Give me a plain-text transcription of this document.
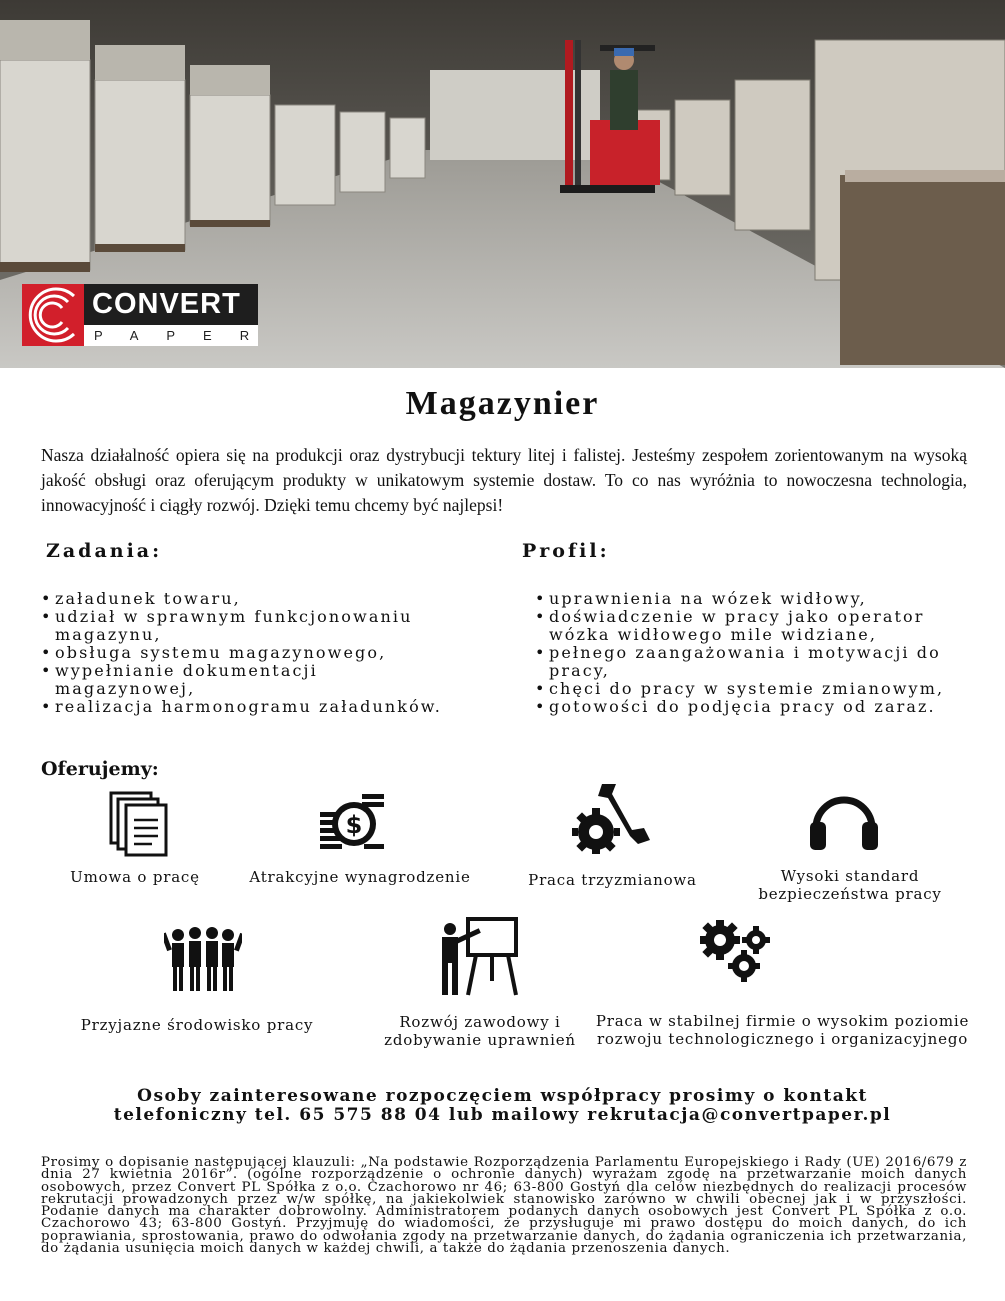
CONVERT
PAPER
Magazynier
Nasza działalność opiera się na produkcji oraz dystrybucji tektury litej i falistej. Jesteśmy zespołem zorientowanym na wysoką jakość obsługi oraz oferującym produkty w unikatowym systemie dostaw. To co nas wyróżnia to nowoczesna technologia, innowacyjność i ciągły rozwój. Dzięki temu chcemy być najlepsi!
Zadania:
• załadunek towaru,
• udział w sprawnym funkcjonowaniu magazynu,
• obsługa systemu magazynowego,
• wypełnianie dokumentacji magazynowej,
• realizacja harmonogramu załadunków.
Profil:
• uprawnienia na wózek widłowy,
• doświadczenie w pracy jako operator wózka widłowego mile widziane,
• pełnego zaangażowania i motywacji do pracy,
• chęci do pracy w systemie zmianowym,
• gotowości do podjęcia pracy od zaraz.
Oferujemy:
$
Umowa o pracę	Atrakcyjne wynagrodzenie	Praca trzyzmianowa	Wysoki standard bezpieczeństwa pracy
Przyjazne środowisko pracy	Rozwój zawodowy i zdobywanie uprawnień
Praca w stabilnej firmie o wysokim poziomie rozwoju technologicznego i organizacyjnego
Osoby zainteresowane rozpoczęciem współpracy prosimy o kontakt
telefoniczny tel. 65 575 88 04 lub mailowy rekrutacja@convertpaper.pl
Prosimy o dopisanie następującej klauzuli: „Na podstawie Rozporządzenia Parlamentu Europejskiego i Rady (UE) 2016/679 z dnia 27 kwietnia 2016r”. (ogólne rozporządzenie o ochronie danych) wyrażam zgodę na przetwarzanie moich danych osobowych, przez Convert PL Spółka z o.o. Czachorowo nr 46; 63-800 Gostyń dla celów niezbędnych do realizacji procesów rekrutacji prowadzonych przez w/w spółkę, na jakiekolwiek stanowisko zarówno w chwili obecnej jak i w przyszłości. Podanie danych ma charakter dobrowolny. Administratorem podanych danych osobowych jest Convert PL Spółka z o.o. Czachorowo 43; 63-800 Gostyń. Przyjmuję do wiadomości, że przysługuje mi prawo dostępu do moich danych, do ich poprawiania, sprostowania, prawo do odwołania zgody na przetwarzanie danych, do żądania ograniczenia ich przetwarzania, do żądania usunięcia moich danych w każdej chwili, a także do żądania przenoszenia danych.
